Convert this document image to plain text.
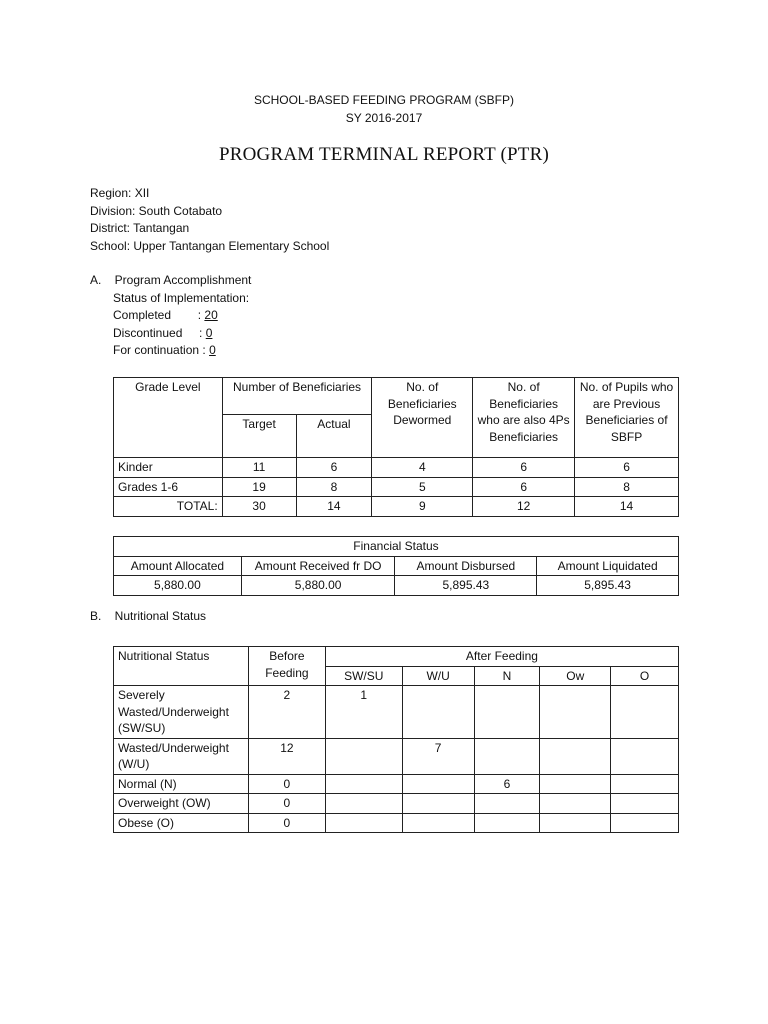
SCHOOL-BASED FEEDING PROGRAM (SBFP)
SY 2016-2017
PROGRAM TERMINAL REPORT (PTR)
Region: XII
Division: South Cotabato
District: Tantangan
School: Upper Tantangan Elementary School
A.    Program Accomplishment
Status of Implementation:
Completed        : 20
Discontinued     : 0
For continuation : 0
Grade Level	Number of Beneficiaries		No. of Beneficiaries Dewormed	No. of Beneficiaries who are also 4Ps Beneficiaries	No. of Pupils who are Previous Beneficiaries of SBFP
	Target	Actual			
Kinder	11	6	4	6	6
Grades 1-6	19	8	5	6	8
TOTAL:	30	14	9	12	14
Financial Status			
Amount Allocated	Amount Received fr DO	Amount Disbursed	Amount Liquidated
5,880.00	5,880.00	5,895.43	5,895.43
B.    Nutritional Status
Nutritional Status	Before Feeding	After Feeding				
		SW/SU	W/U	N	Ow	O
Severely Wasted/Underweight (SW/SU)	2	1				
Wasted/Underweight (W/U)	12		7			
Normal (N)	0			6		
Overweight (OW)	0					
Obese (O)	0					
